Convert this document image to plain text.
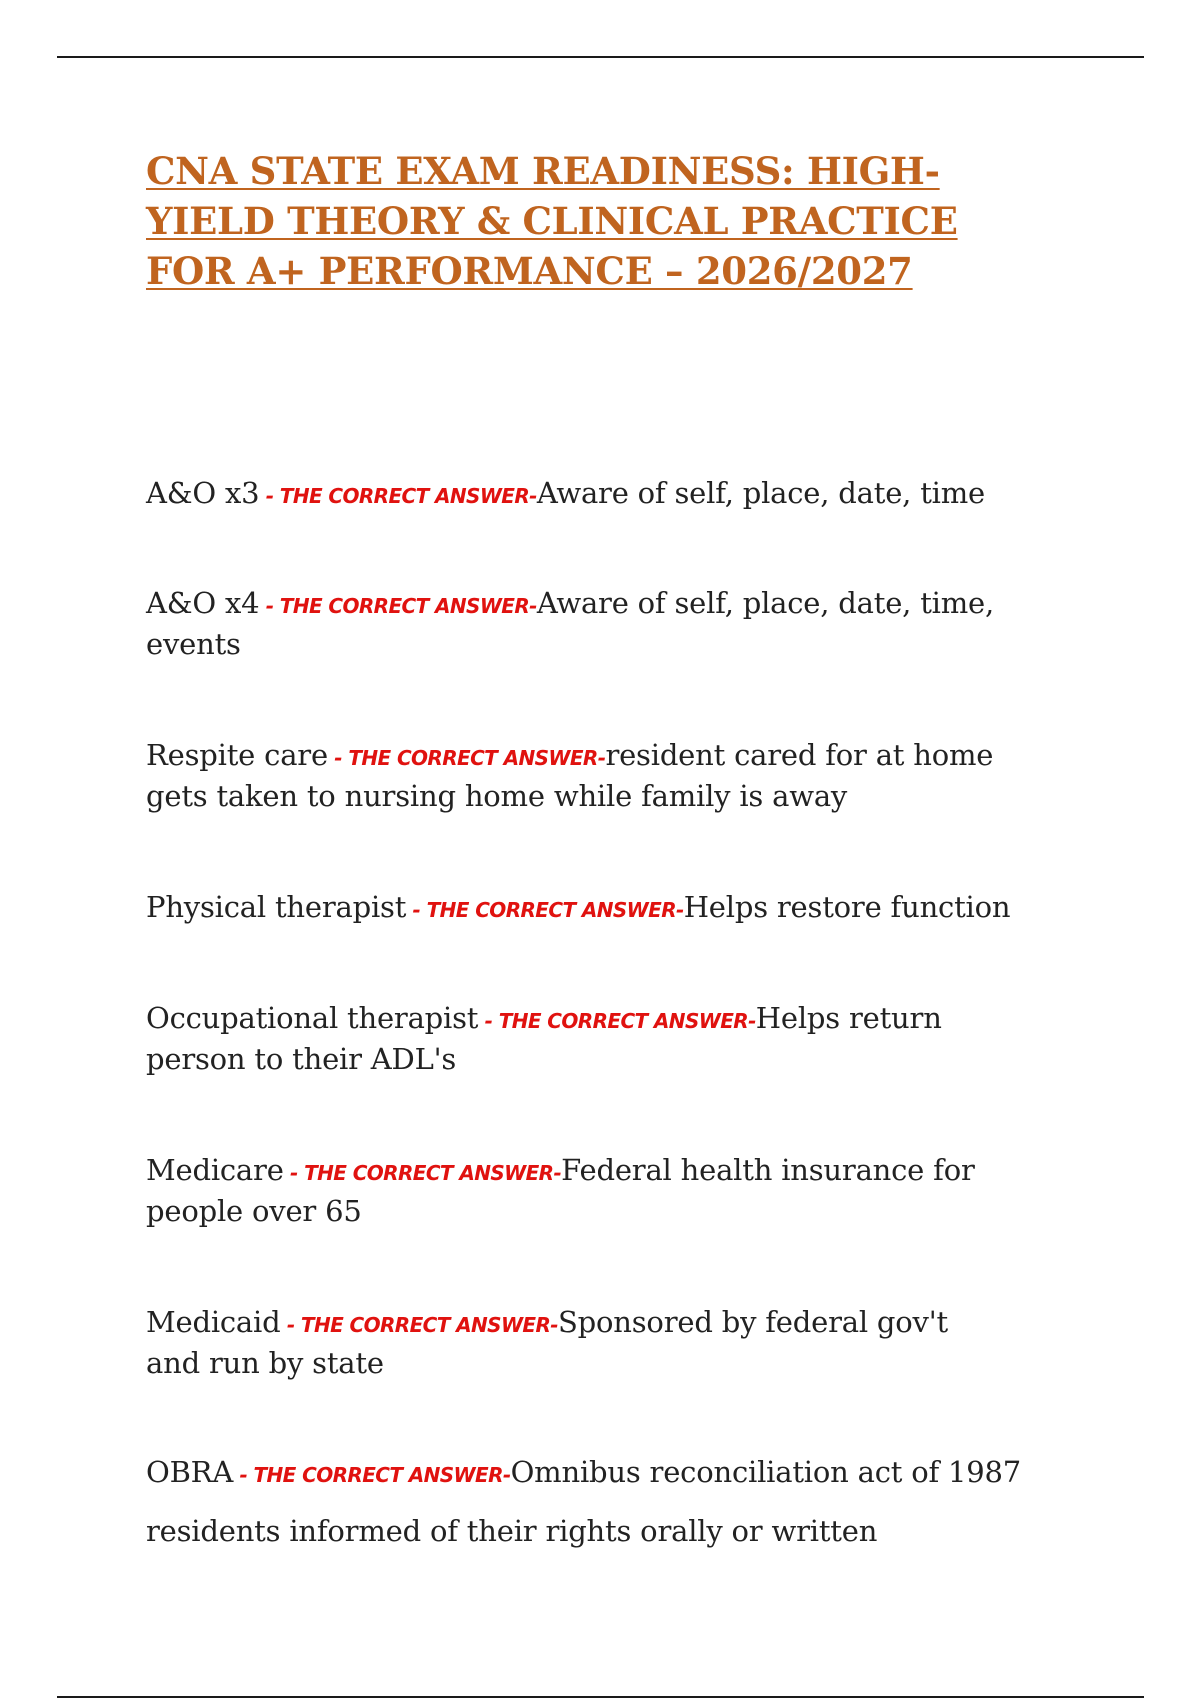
CNA STATE EXAM READINESS: HIGH-YIELD THEORY & CLINICAL PRACTICE FOR A+ PERFORMANCE – 2026/2027
A&O x3 - THE CORRECT ANSWER-Aware of self, place, date, time
A&O x4 - THE CORRECT ANSWER-Aware of self, place, date, time, events
Respite care - THE CORRECT ANSWER-resident cared for at home gets taken to nursing home while family is away
Physical therapist - THE CORRECT ANSWER-Helps restore function
Occupational therapist - THE CORRECT ANSWER-Helps return person to their ADL's
Medicare - THE CORRECT ANSWER-Federal health insurance for people over 65
Medicaid - THE CORRECT ANSWER-Sponsored by federal gov't and run by state
OBRA - THE CORRECT ANSWER-Omnibus reconciliation act of 1987
residents informed of their rights orally or written
